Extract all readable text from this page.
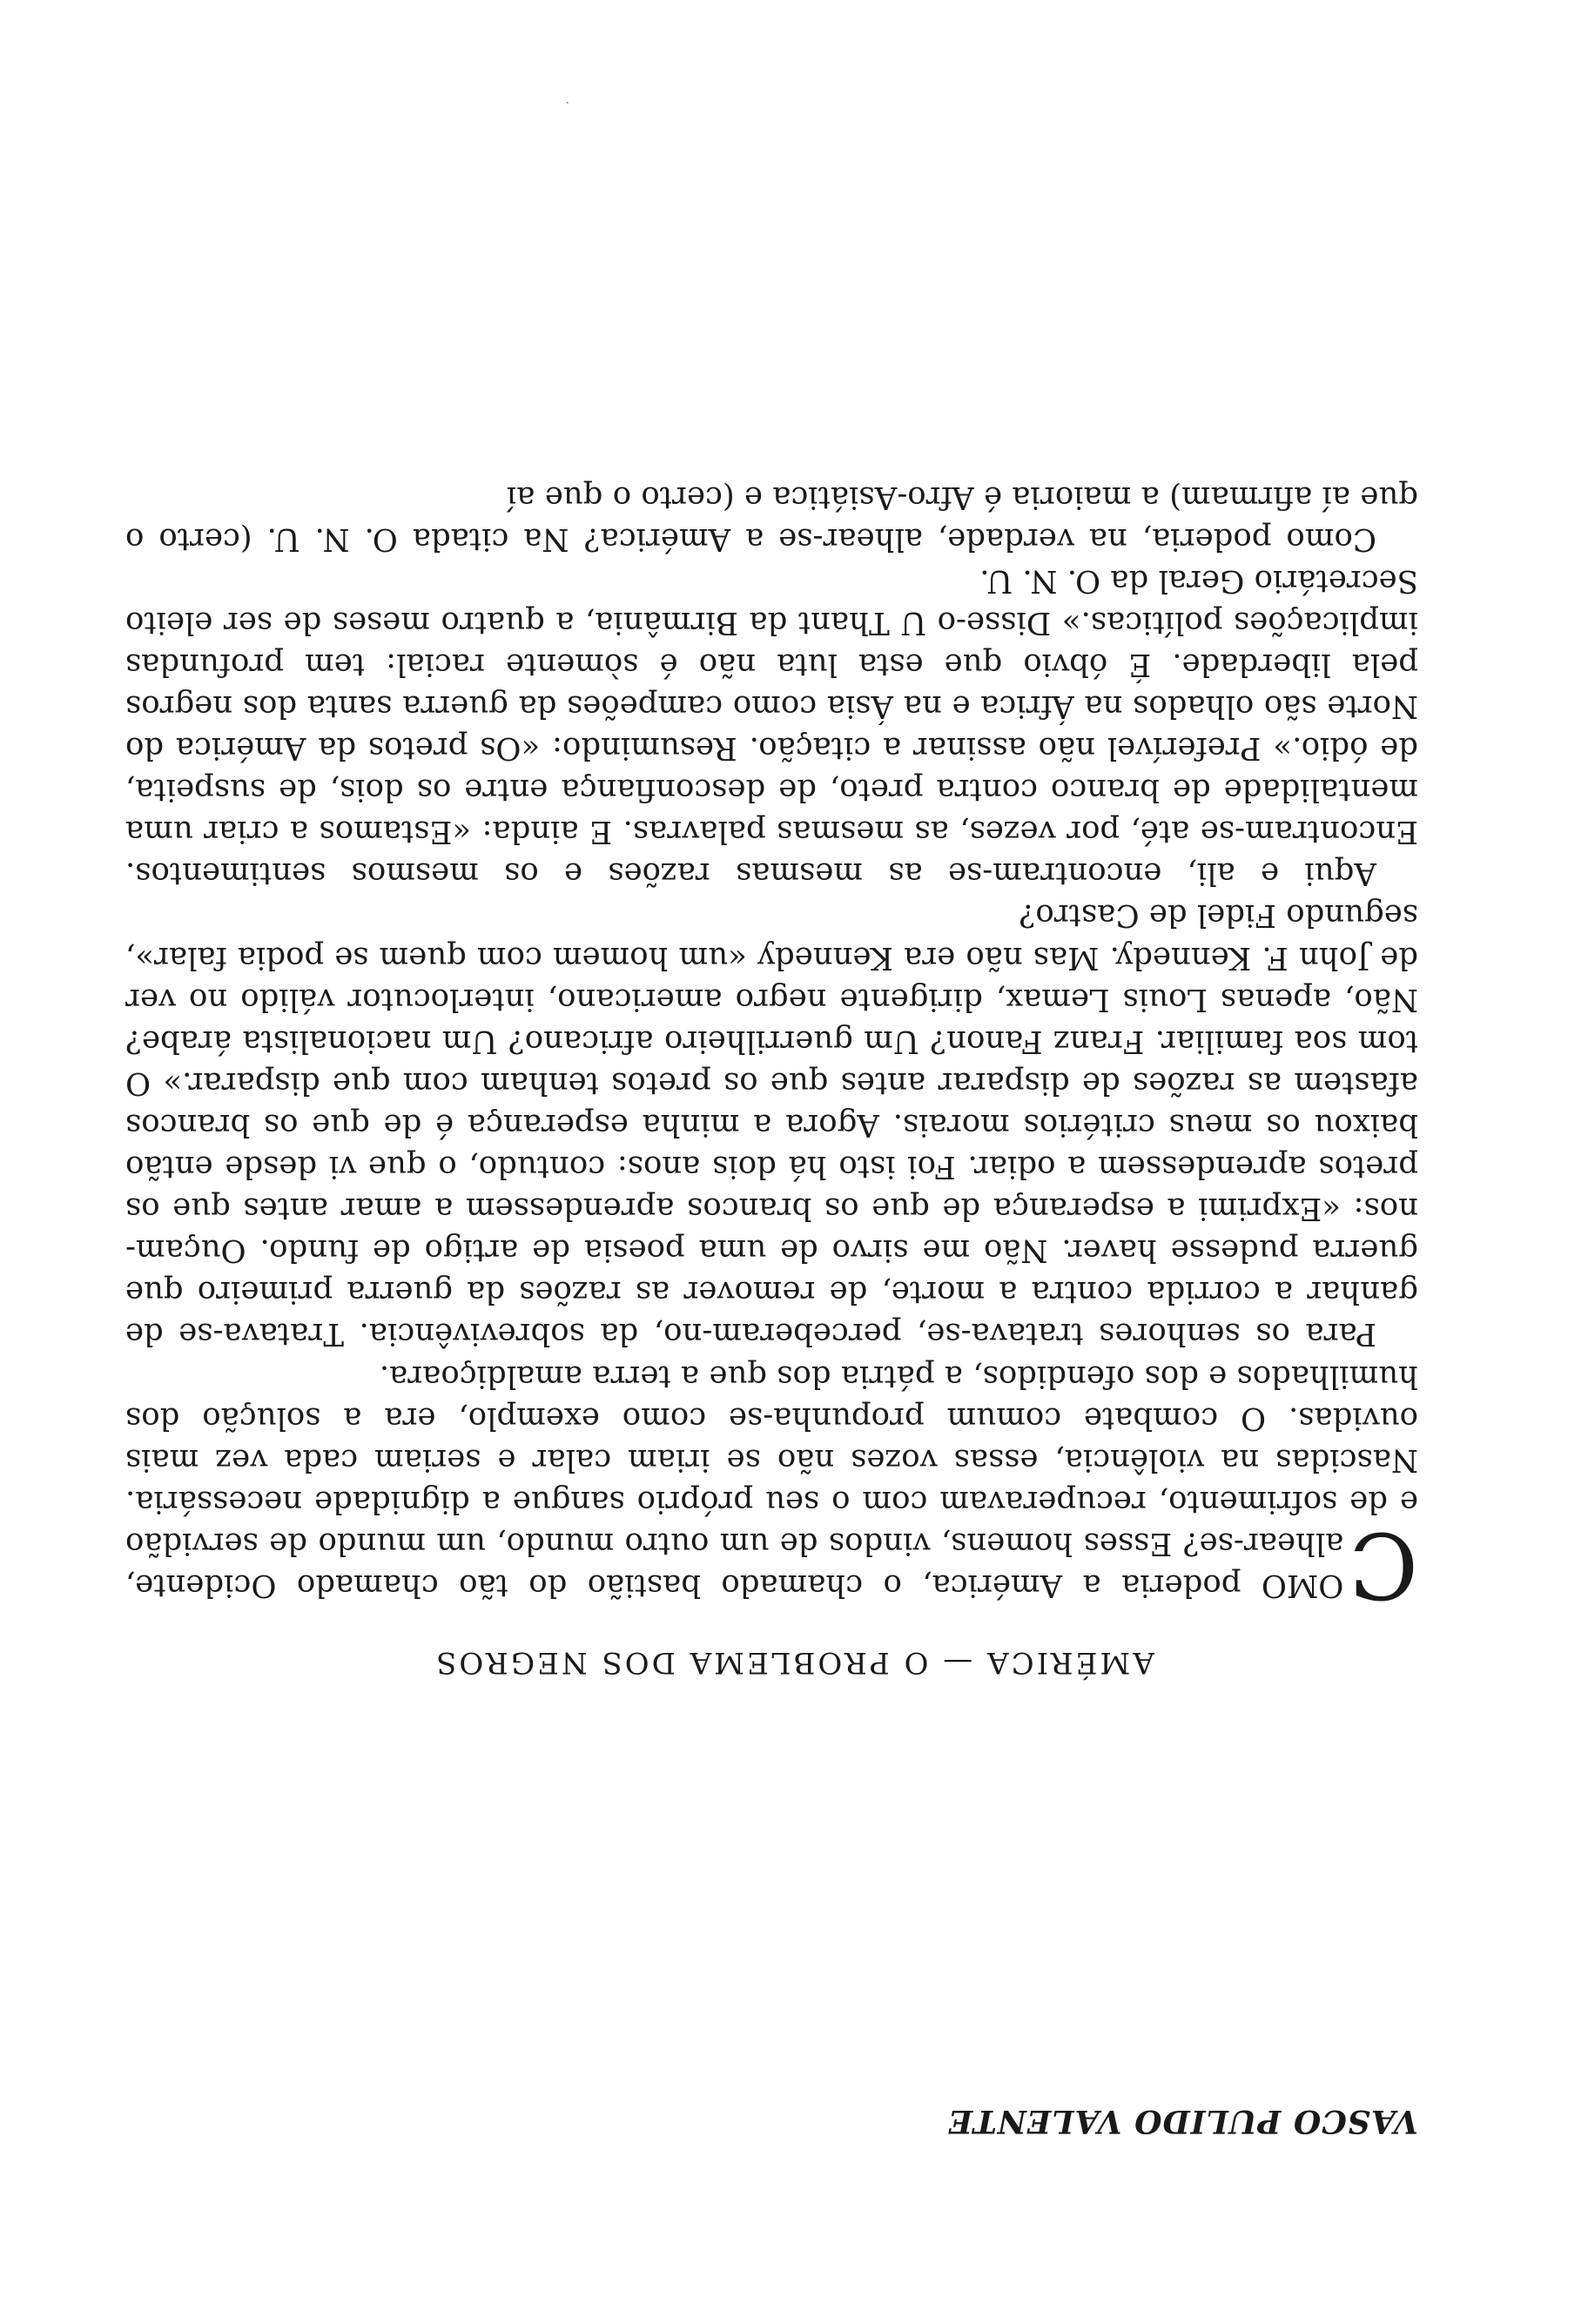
VASCO PULIDO VALENTE
AMÉRICA — O PROBLEMA DOS NEGROS

C
OMO poderia a América, o chamado bastião do tão chamado Ocidente, alhear-se? Esses homens, vindos de um outro mundo, um mundo de servidão e de sofrimento, recuperavam com o seu próprio sangue a dignidade necessária. Nascidas na violência, essas vozes não se iriam calar e seriam cada vez mais ouvidas. O combate comum propunha-se como exemplo, era a solução dos humilhados e dos ofendidos, a pátria dos que a terra amaldiçoara.

Para os senhores tratava-se, perceberam-no, da sobrevivência. Tratava-se de ganhar a corrida contra a morte, de remover as razões da guerra primeiro que guerra pudesse haver. Não me sirvo de uma poesia de artigo de fundo. Ouçam-nos: «Exprimi a esperança de que os brancos aprendessem a amar antes que os pretos aprendessem a odiar. Foi isto há dois anos: contudo, o que vi desde então baixou os meus critérios morais. Agora a minha esperança é de que os brancos afastem as razões de disparar antes que os pretos tenham com que disparar.» O tom soa familiar. Franz Fanon? Um guerrilheiro africano? Um nacionalista árabe? Não, apenas Louis Lemax, dirigente negro americano, interlocutor válido no ver de John F. Kennedy. Mas não era Kennedy «um homem com quem se podia falar», segundo Fidel de Castro?

Aqui e ali, encontram-se as mesmas razões e os mesmos sentimentos. Encontram-se até, por vezes, as mesmas palavras. E ainda: «Estamos a criar uma mentalidade de branco contra preto, de desconfiança entre os dois, de suspeita, de ódio.» Preferível não assinar a citação. Resumindo: «Os pretos da América do Norte são olhados na África e na Ásia como campeões da guerra santa dos negros pela liberdade. É óbvio que esta luta não é sòmente racial: tem profundas implicações políticas.» Disse-o U Thant da Birmânia, a quatro meses de ser eleito Secretário Geral da O. N. U.

Como poderia, na verdade, alhear-se a América? Na citada O. N. U. (certo o que aí afirmam) a maioria é Afro-Asiática e (certo o que aí

·
